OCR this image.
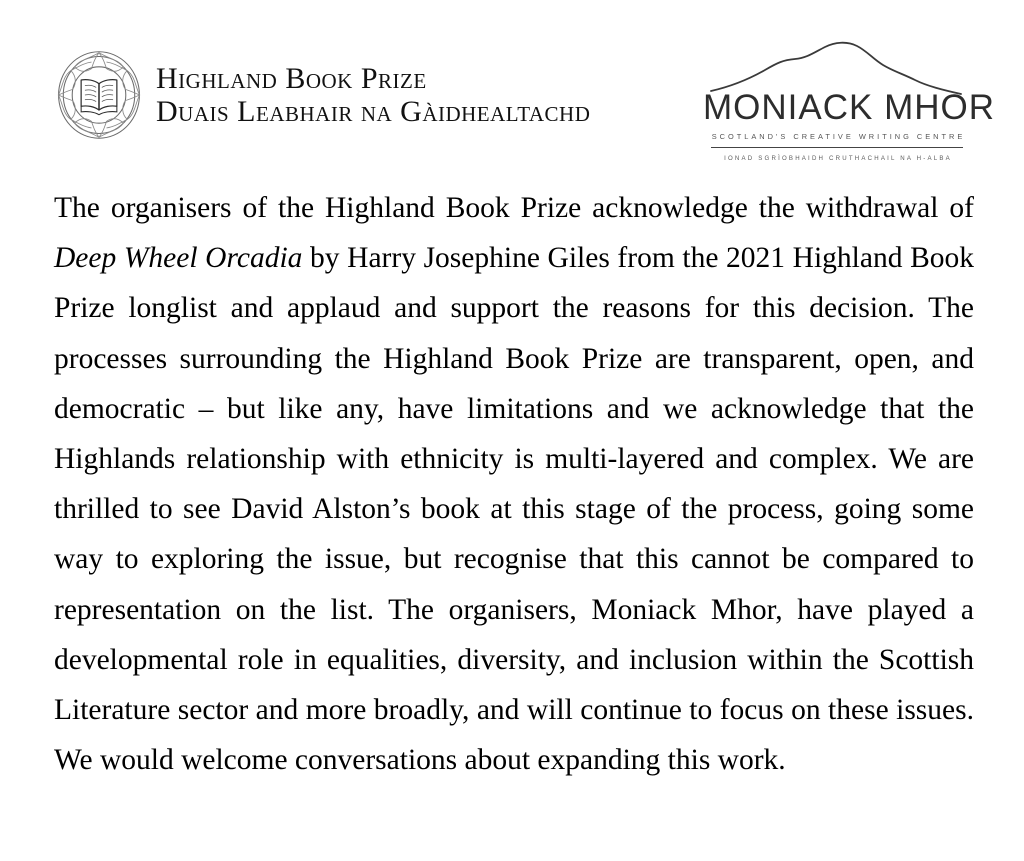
Highland Book Prize
Duais Leabhair na Gàidhealtachd	MONIACK MHOR
SCOTLAND'S CREATIVE WRITING CENTRE
IONAD SGRÌOBHAIDH CRUTHACHAIL NA H-ALBA
The organisers of the Highland Book Prize acknowledge the withdrawal of Deep Wheel Orcadia by Harry Josephine Giles from the 2021 Highland Book Prize longlist and applaud and support the reasons for this decision. The processes surrounding the Highland Book Prize are transparent, open, and democratic – but like any, have limitations and we acknowledge that the Highlands relationship with ethnicity is multi-layered and complex. We are thrilled to see David Alston’s book at this stage of the process, going some way to exploring the issue, but recognise that this cannot be compared to representation on the list. The organisers, Moniack Mhor, have played a developmental role in equalities, diversity, and inclusion within the Scottish Literature sector and more broadly, and will continue to focus on these issues. We would welcome conversations about expanding this work.
